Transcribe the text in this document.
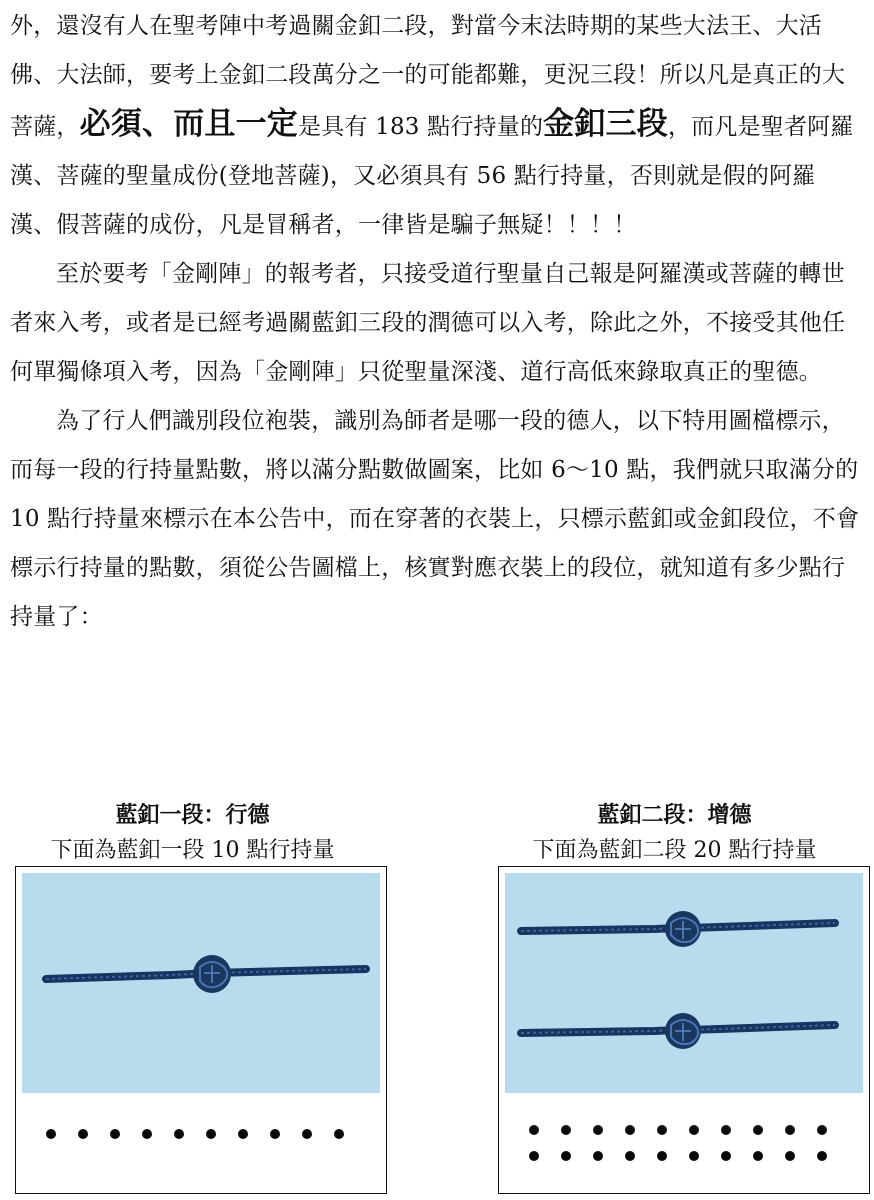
外，還沒有人在聖考陣中考過關金釦二段，對當今末法時期的某些大法王、大活佛、大法師，要考上金釦二段萬分之一的可能都難，更況三段！所以凡是真正的大菩薩，必須、而且一定是具有 183 點行持量的金釦三段，而凡是聖者阿羅漢、菩薩的聖量成份(登地菩薩)，又必須具有 56 點行持量，否則就是假的阿羅漢、假菩薩的成份，凡是冒稱者，一律皆是騙子無疑！！！！

至於要考「金剛陣」的報考者，只接受道行聖量自己報是阿羅漢或菩薩的轉世者來入考，或者是已經考過關藍釦三段的潤德可以入考，除此之外，不接受其他任何單獨條項入考，因為「金剛陣」只從聖量深淺、道行高低來錄取真正的聖德。

為了行人們識別段位袍裝，識別為師者是哪一段的德人，以下特用圖檔標示，而每一段的行持量點數，將以滿分點數做圖案，比如 6～10 點，我們就只取滿分的 10 點行持量來標示在本公告中，而在穿著的衣裝上，只標示藍釦或金釦段位，不會標示行持量的點數，須從公告圖檔上，核實對應衣裝上的段位，就知道有多少點行持量了：

藍釦一段：行德
下面為藍釦一段 10 點行持量
藍釦二段：增德
下面為藍釦二段 20 點行持量
